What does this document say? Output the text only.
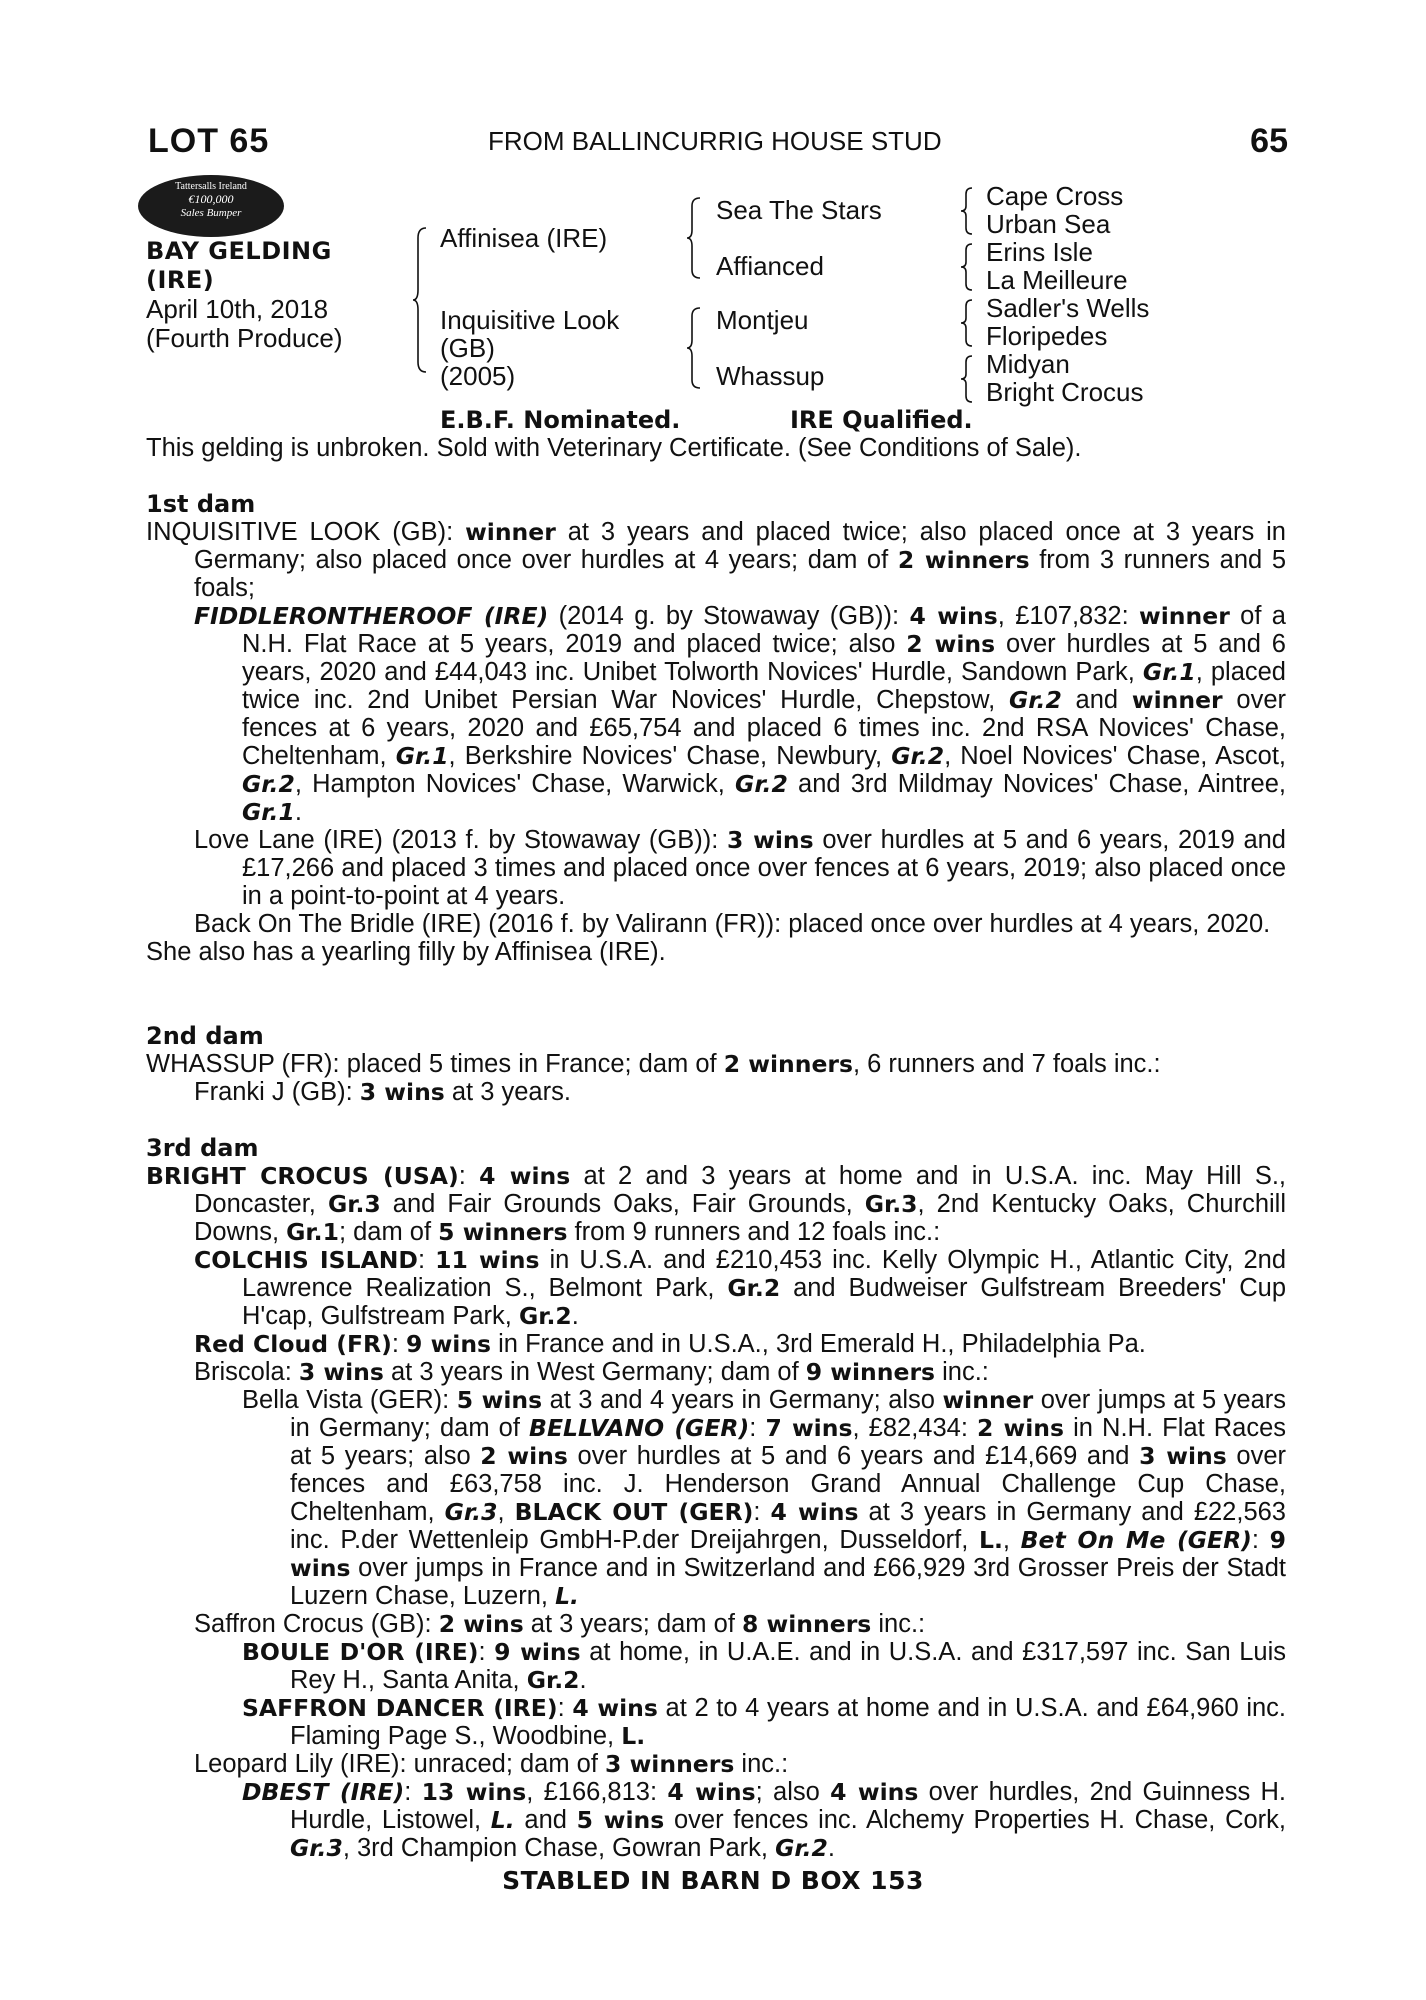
LOT 65	FROM BALLINCURRIG HOUSE STUD	65
Tattersalls Ireland
€100,000
Sales Bumper
BAY GELDING
(IRE)
April 10th, 2018
(Fourth Produce)
Affinisea (IRE)
Inquisitive Look
(GB)
(2005)
Sea The Stars
Affianced
Montjeu
Whassup
Cape Cross
Urban Sea
Erins Isle
La Meilleure
Sadler's Wells
Floripedes
Midyan
Bright Crocus
E.B.F. Nominated.	IRE Qualified.
This gelding is unbroken. Sold with Veterinary Certificate. (See Conditions of Sale).

1st dam

INQUISITIVE LOOK (GB): winner at 3 years and placed twice; also placed once at 3 years in Germany; also placed once over hurdles at 4 years; dam of 2 winners from 3 runners and 5 foals;

FIDDLERONTHEROOF (IRE) (2014 g. by Stowaway (GB)): 4 wins, £107,832: winner of a N.H. Flat Race at 5 years, 2019 and placed twice; also 2 wins over hurdles at 5 and 6 years, 2020 and £44,043 inc. Unibet Tolworth Novices' Hurdle, Sandown Park, Gr.1, placed twice inc. 2nd Unibet Persian War Novices' Hurdle, Chepstow, Gr.2 and winner over fences at 6 years, 2020 and £65,754 and placed 6 times inc. 2nd RSA Novices' Chase, Cheltenham, Gr.1, Berkshire Novices' Chase, Newbury, Gr.2, Noel Novices' Chase, Ascot, Gr.2, Hampton Novices' Chase, Warwick, Gr.2 and 3rd Mildmay Novices' Chase, Aintree, Gr.1.

Love Lane (IRE) (2013 f. by Stowaway (GB)): 3 wins over hurdles at 5 and 6 years, 2019 and £17,266 and placed 3 times and placed once over fences at 6 years, 2019; also placed once in a point-to-point at 4 years.

Back On The Bridle (IRE) (2016 f. by Valirann (FR)): placed once over hurdles at 4 years, 2020.

She also has a yearling filly by Affinisea (IRE).

2nd dam

WHASSUP (FR): placed 5 times in France; dam of 2 winners, 6 runners and 7 foals inc.:

Franki J (GB): 3 wins at 3 years.

3rd dam

BRIGHT CROCUS (USA): 4 wins at 2 and 3 years at home and in U.S.A. inc. May Hill S., Doncaster, Gr.3 and Fair Grounds Oaks, Fair Grounds, Gr.3, 2nd Kentucky Oaks, Churchill Downs, Gr.1; dam of 5 winners from 9 runners and 12 foals inc.:

COLCHIS ISLAND: 11 wins in U.S.A. and £210,453 inc. Kelly Olympic H., Atlantic City, 2nd Lawrence Realization S., Belmont Park, Gr.2 and Budweiser Gulfstream Breeders' Cup H'cap, Gulfstream Park, Gr.2.

Red Cloud (FR): 9 wins in France and in U.S.A., 3rd Emerald H., Philadelphia Pa.

Briscola: 3 wins at 3 years in West Germany; dam of 9 winners inc.:

Bella Vista (GER): 5 wins at 3 and 4 years in Germany; also winner over jumps at 5 years in Germany; dam of BELLVANO (GER): 7 wins, £82,434: 2 wins in N.H. Flat Races at 5 years; also 2 wins over hurdles at 5 and 6 years and £14,669 and 3 wins over fences and £63,758 inc. J. Henderson Grand Annual Challenge Cup Chase, Cheltenham, Gr.3, BLACK OUT (GER): 4 wins at 3 years in Germany and £22,563 inc. P.der Wettenleip GmbH-P.der Dreijahrgen, Dusseldorf, L., Bet On Me (GER): 9 wins over jumps in France and in Switzerland and £66,929 3rd Grosser Preis der Stadt Luzern Chase, Luzern, L.

Saffron Crocus (GB): 2 wins at 3 years; dam of 8 winners inc.:

BOULE D'OR (IRE): 9 wins at home, in U.A.E. and in U.S.A. and £317,597 inc. San Luis Rey H., Santa Anita, Gr.2.

SAFFRON DANCER (IRE): 4 wins at 2 to 4 years at home and in U.S.A. and £64,960 inc. Flaming Page S., Woodbine, L.

Leopard Lily (IRE): unraced; dam of 3 winners inc.:

DBEST (IRE): 13 wins, £166,813: 4 wins; also 4 wins over hurdles, 2nd Guinness H. Hurdle, Listowel, L. and 5 wins over fences inc. Alchemy Properties H. Chase, Cork, Gr.3, 3rd Champion Chase, Gowran Park, Gr.2.

STABLED IN BARN D BOX 153
